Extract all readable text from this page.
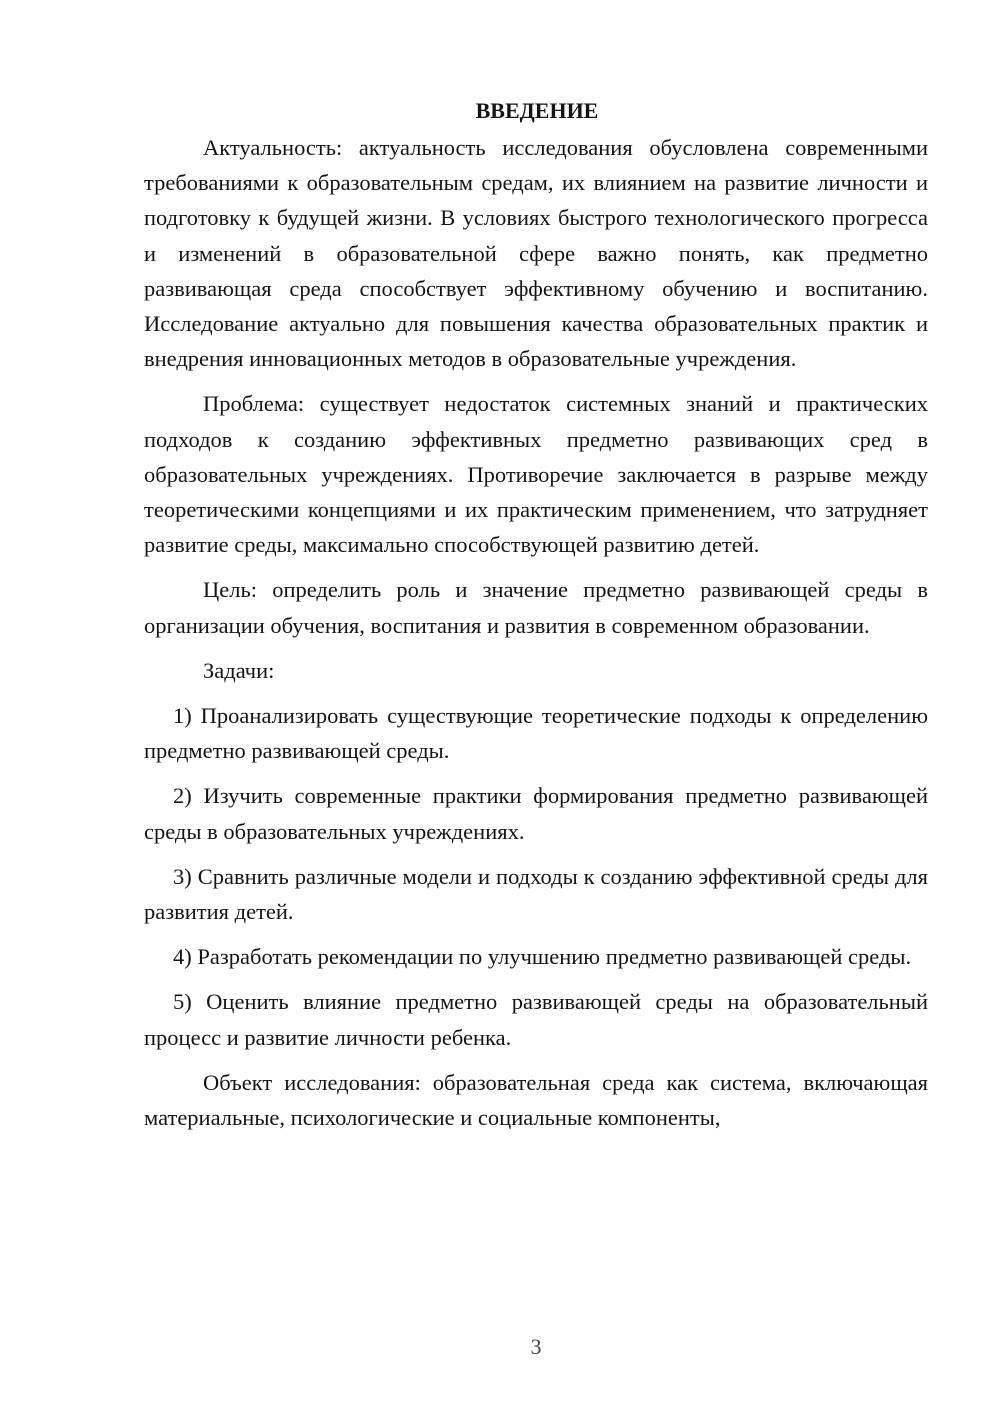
ВВЕДЕНИЕ

Актуальность: актуальность исследования обусловлена современными требованиями к образовательным средам, их влиянием на развитие личности и подготовку к будущей жизни. В условиях быстрого технологического прогресса и изменений в образовательной сфере важно понять, как предметно развивающая среда способствует эффективному обучению и воспитанию. Исследование актуально для повышения качества образовательных практик и внедрения инновационных методов в образовательные учреждения.

Проблема: существует недостаток системных знаний и практических подходов к созданию эффективных предметно развивающих сред в образовательных учреждениях. Противоречие заключается в разрыве между теоретическими концепциями и их практическим применением, что затрудняет развитие среды, максимально способствующей развитию детей.

Цель: определить роль и значение предметно развивающей среды в организации обучения, воспитания и развития в современном образовании.

Задачи:

1) Проанализировать существующие теоретические подходы к определению предметно развивающей среды.

2) Изучить современные практики формирования предметно развивающей среды в образовательных учреждениях.

3) Сравнить различные модели и подходы к созданию эффективной среды для развития детей.

4) Разработать рекомендации по улучшению предметно развивающей среды.

5) Оценить влияние предметно развивающей среды на образовательный процесс и развитие личности ребенка.

Объект исследования: образовательная среда как система, включающая материальные, психологические и социальные компоненты,

3
